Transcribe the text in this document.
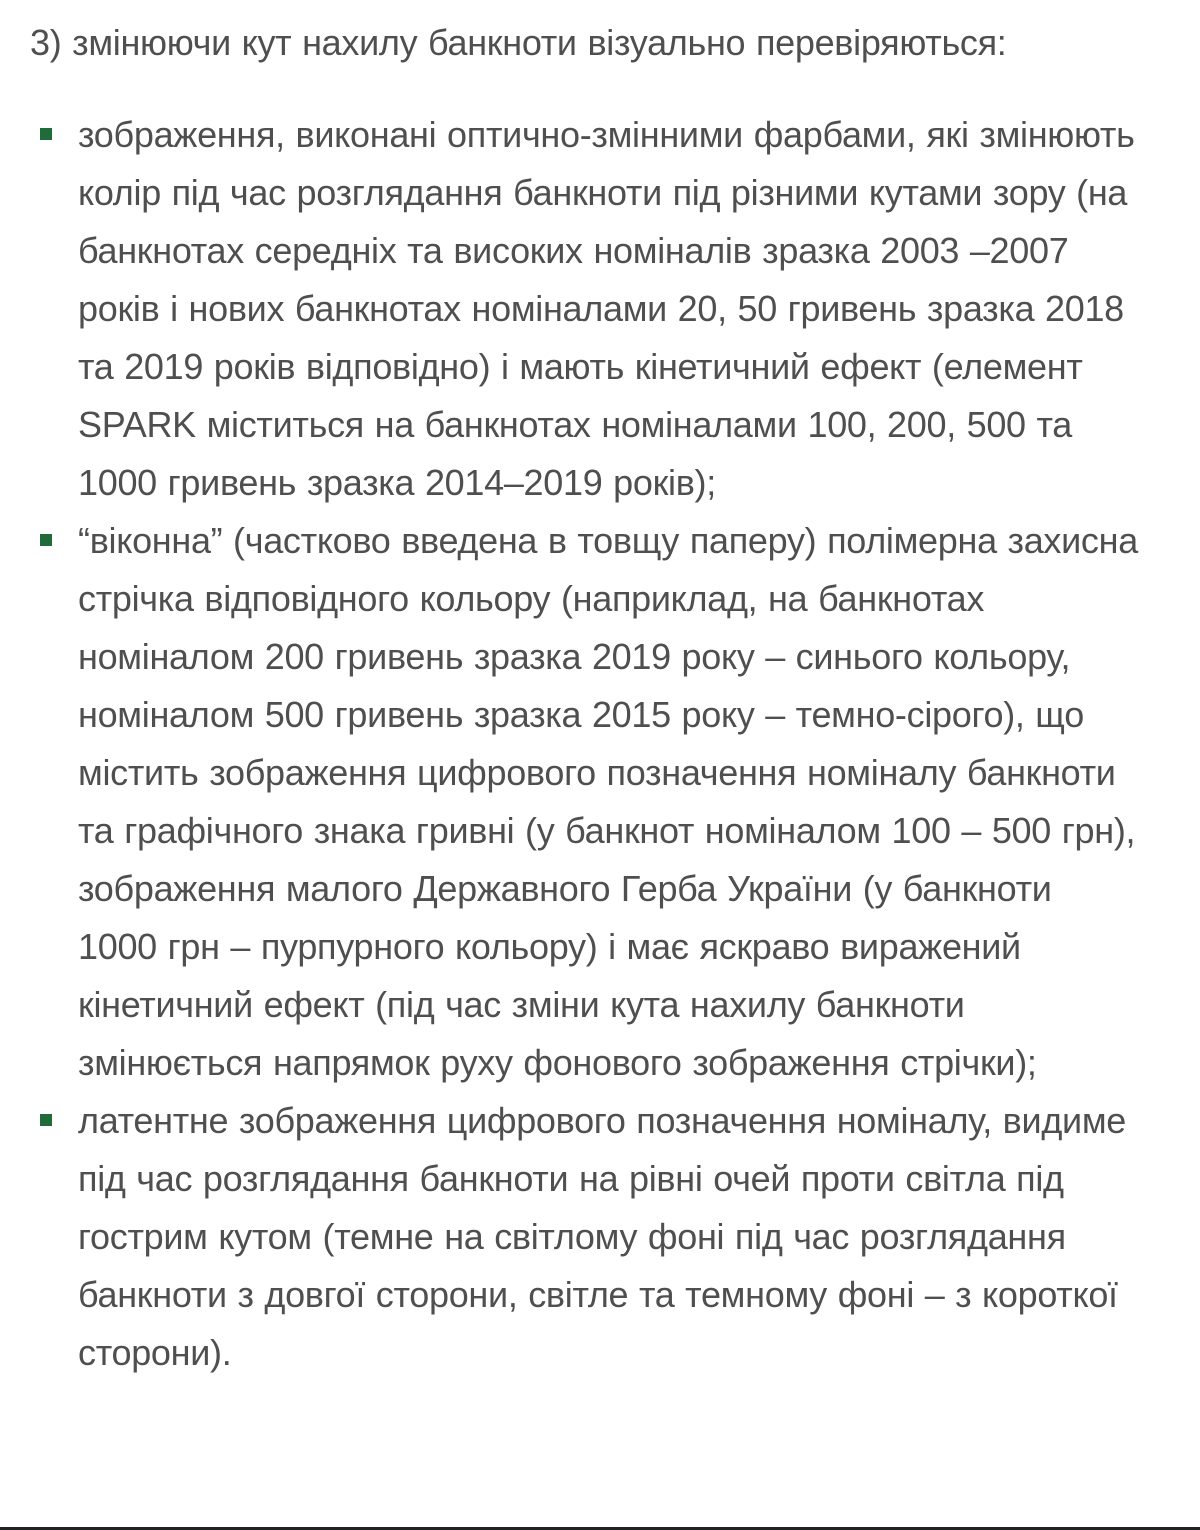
3) змінюючи кут нахилу банкноти візуально перевіряються:

зображення, виконані оптично-змінними фарбами, які змінюють колір під час розглядання банкноти під різними кутами зору (на банкнотах середніх та високих номіналів зразка 2003 –2007 років і нових банкнотах номіналами 20, 50 гривень зразка 2018 та 2019 років відповідно) і мають кінетичний ефект (елемент SPARK міститься на банкнотах номіналами 100, 200, 500 та 1000 гривень зразка 2014–2019 років);
“віконна” (частково введена в товщу паперу) полімерна захисна стрічка відповідного кольору (наприклад, на банкнотах номіналом 200 гривень зразка 2019 року – синього кольору, номіналом 500 гривень зразка 2015 року – темно-сірого), що містить зображення цифрового позначення номіналу банкноти та графічного знака гривні (у банкнот номіналом 100 – 500 грн), зображення малого Державного Герба України (у банкноти 1000 грн – пурпурного кольору) і має яскраво виражений кінетичний ефект (під час зміни кута нахилу банкноти змінюється напрямок руху фонового зображення стрічки);
латентне зображення цифрового позначення номіналу, видиме під час розглядання банкноти на рівні очей проти світла під гострим кутом (темне на світлому фоні під час розглядання банкноти з довгої сторони, світле та темному фоні – з короткої сторони).
